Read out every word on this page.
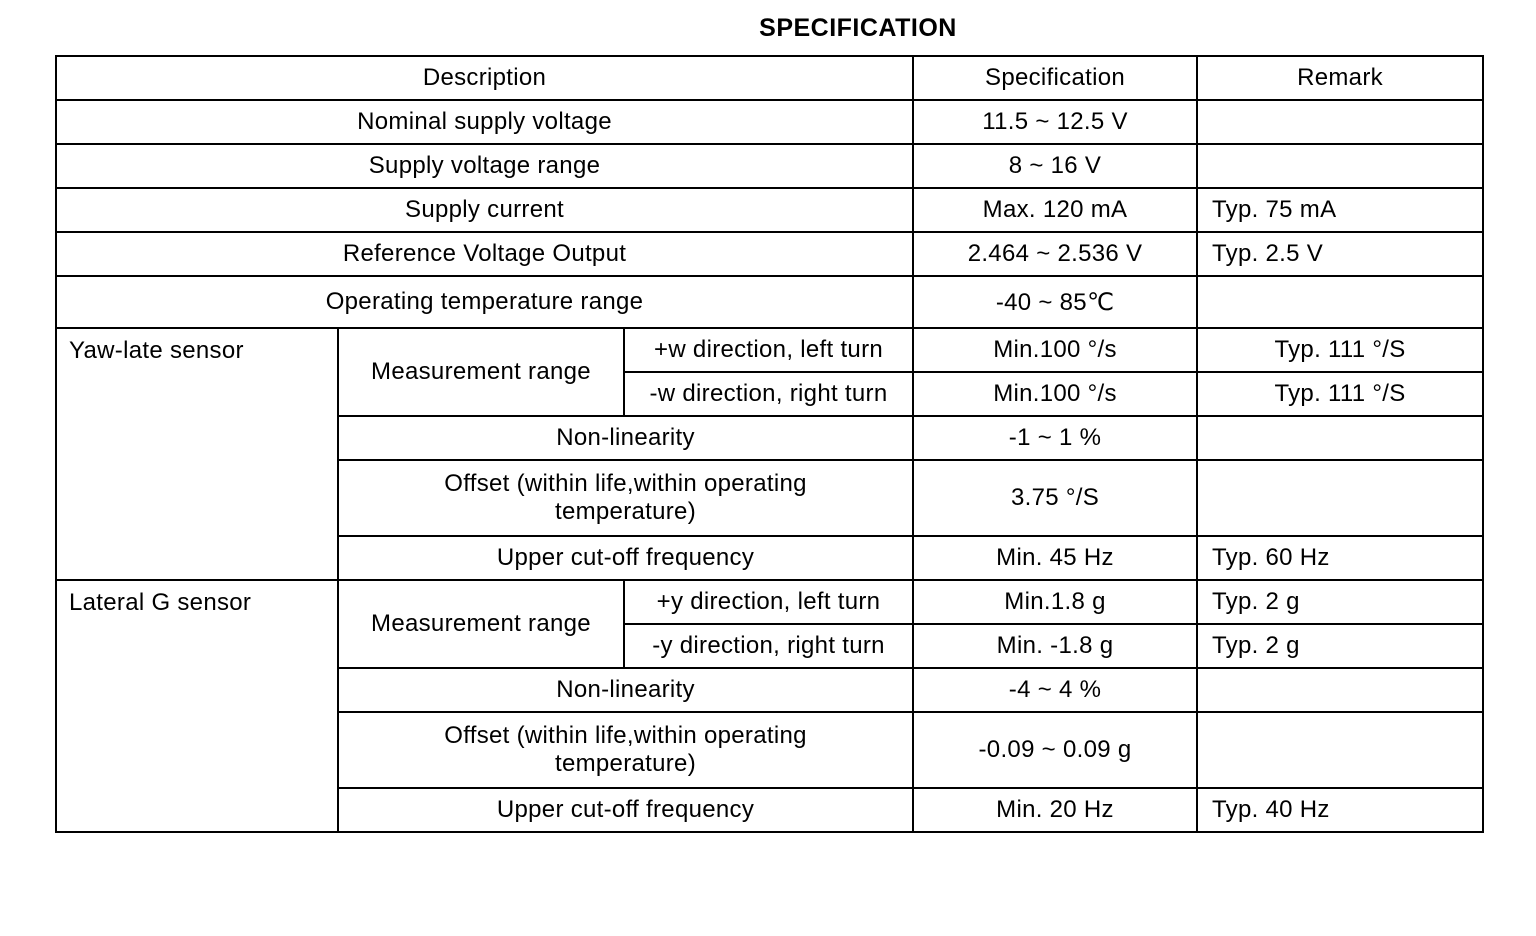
SPECIFICATION
Description			Specification	Remark
Nominal supply voltage			11.5 ~ 12.5 V	
Supply voltage range			8 ~ 16 V	
Supply current			Max. 120 mA	Typ. 75 mA
Reference Voltage Output			2.464 ~ 2.536 V	Typ. 2.5 V
Operating temperature range			-40 ~ 85℃	
Yaw-late sensor	Measurement range	+w direction, left turn	Min.100 °/s	Typ. 111 °/S
		-w direction, right turn	Min.100 °/s	Typ. 111 °/S
	Non-linearity		-1 ~ 1 %	

	Offset (within life,within operating
temperature)		3.75 °/S	
	Upper cut-off frequency		Min. 45 Hz	Typ. 60 Hz

Lateral G sensor	Measurement range	+y direction, left turn	Min.1.8 g	Typ. 2 g
		-y direction, right turn	Min. -1.8 g	Typ. 2 g
	Non-linearity		-4 ~ 4 %	

	Offset (within life,within operating
temperature)		-0.09 ~ 0.09 g	
	Upper cut-off frequency		Min. 20 Hz	Typ. 40 Hz
